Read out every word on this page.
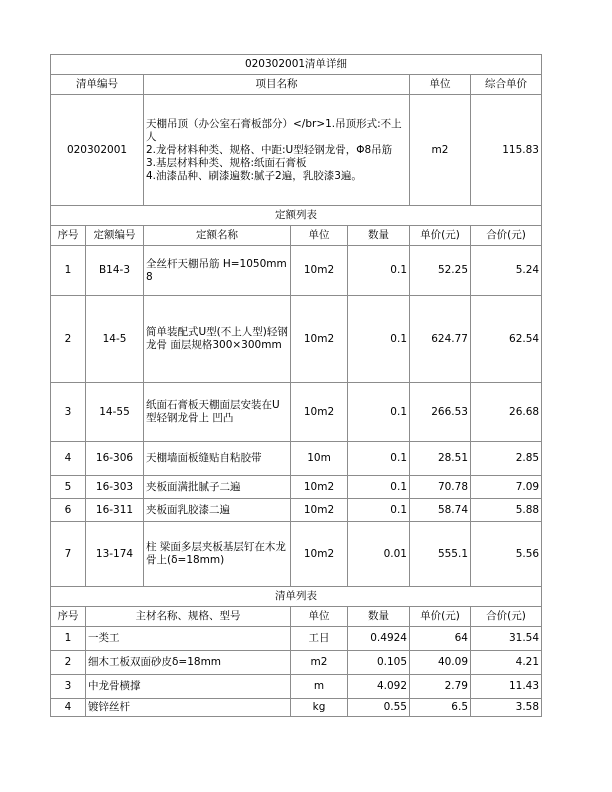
020302001清单详细			
清单编号	项目名称	单位	综合单价
020302001	天棚吊顶（办公室石膏板部分）</br>1.吊顶形式:不上人
2.龙骨材料种类、规格、中距:U型轻钢龙骨，Φ8吊筋
3.基层材料种类、规格:纸面石膏板
4.油漆品种、刷漆遍数:腻子2遍，乳胶漆3遍。	m2	115.83
定额列表						
序号	定额编号	定额名称	单位	数量	单价(元)	合价(元)
1	B14-3	全丝杆天棚吊筋 H=1050mm 8	10m2	0.1	52.25	5.24
2	14-5	简单装配式U型(不上人型)轻钢龙骨 面层规格300×300mm	10m2	0.1	624.77	62.54
3	14-55	纸面石膏板天棚面层安装在U型轻钢龙骨上 凹凸	10m2	0.1	266.53	26.68
4	16-306	天棚墙面板缝贴自粘胶带	10m	0.1	28.51	2.85
5	16-303	夹板面满批腻子二遍	10m2	0.1	70.78	7.09
6	16-311	夹板面乳胶漆二遍	10m2	0.1	58.74	5.88
7	13-174	柱 梁面多层夹板基层钉在木龙骨上(δ=18mm)	10m2	0.01	555.1	5.56
清单列表					
序号	主材名称、规格、型号	单位	数量	单价(元)	合价(元)
1	一类工	工日	0.4924	64	31.54
2	细木工板双面砂皮δ=18mm	m2	0.105	40.09	4.21
3	中龙骨横撑	m	4.092	2.79	11.43
4	镀锌丝杆	kg	0.55	6.5	3.58
